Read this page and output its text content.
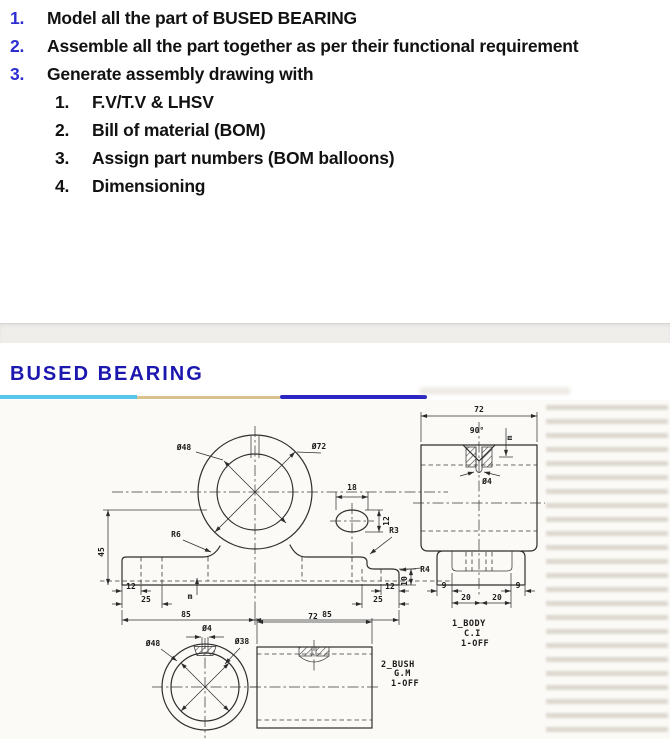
1.	Model all the part of BUSED BEARING
2.	Assemble all the part together as per their functional requirement
3.	Generate assembly drawing with
1.	F.V/T.V & LHSV
2.	Bill of material (BOM)
3.	Assign part numbers (BOM balloons)
4.	Dimensioning
BUSED BEARING
Ø48	Ø72
18
12
45
12
25	m
12
25
85	85
10
R6	R3
R4
72
90°
m
Ø4
9	9
20	20
1_BODY
C.I
1-OFF
Ø4
Ø48	Ø38
72
2_BUSH
G.M
1-OFF
